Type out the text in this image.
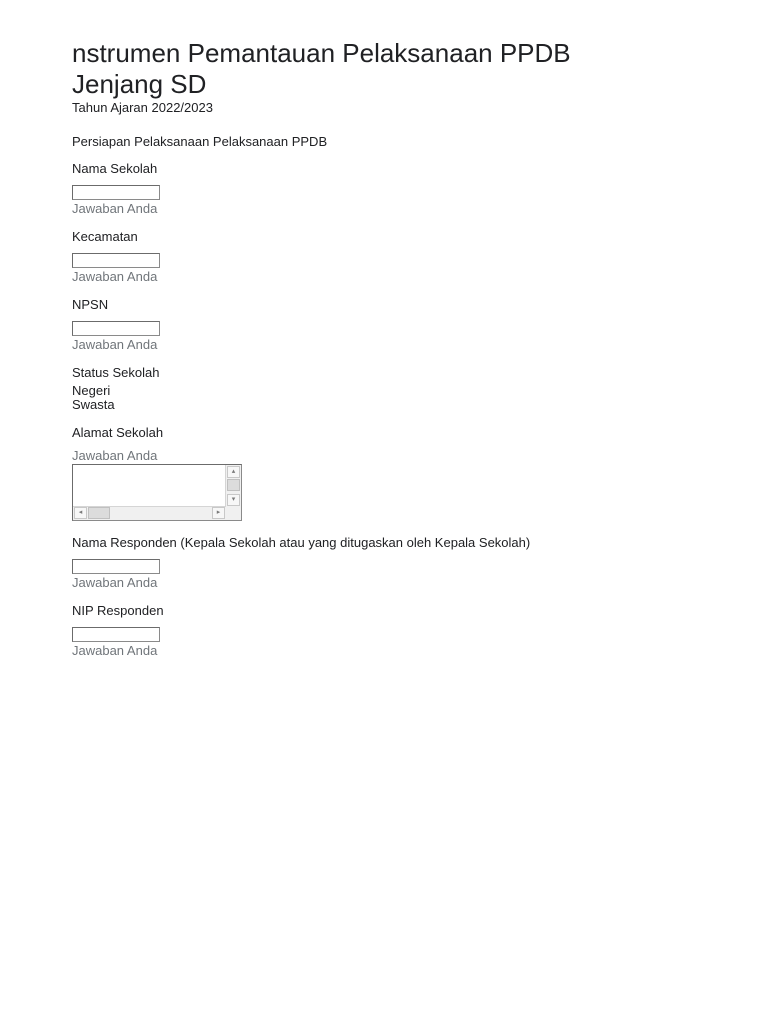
nstrumen Pemantauan Pelaksanaan PPDB
Jenjang SD

Tahun Ajaran 2022/2023

Persiapan Pelaksanaan Pelaksanaan PPDB

Nama Sekolah

Jawaban Anda

Kecamatan

Jawaban Anda

NPSN

Jawaban Anda

Status Sekolah

Negeri
Swasta

Alamat Sekolah

Jawaban Anda

▴
▾
◂	▸

Nama Responden (Kepala Sekolah atau yang ditugaskan oleh Kepala Sekolah)

Jawaban Anda

NIP Responden

Jawaban Anda
